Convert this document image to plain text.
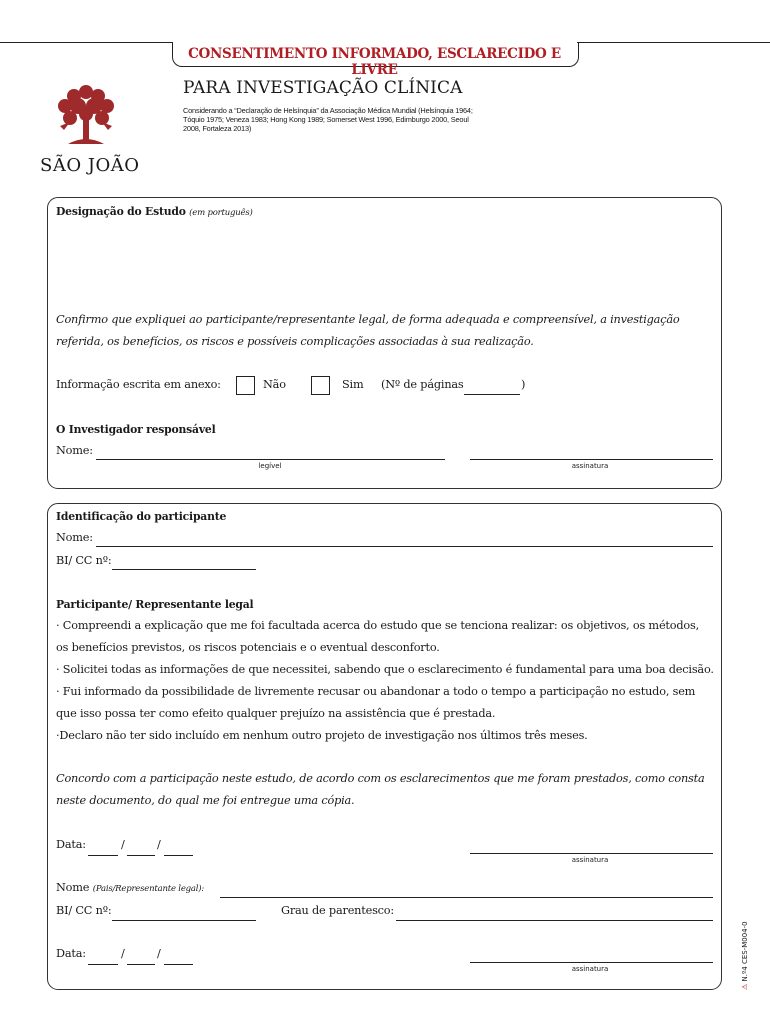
CONSENTIMENTO INFORMADO, ESCLARECIDO E LIVRE
SÃO JOÃO
PARA INVESTIGAÇÃO CLÍNICA
Considerando a “Declaração de Helsínquia” da Associação Médica Mundial (Helsínquia 1964; Tóquio 1975; Veneza 1983; Hong Kong 1989; Somerset West 1996, Edimburgo 2000, Seoul 2008, Fortaleza 2013)
Designação do Estudo (em português)
Confirmo que expliquei ao participante/representante legal, de forma adequada e compreensível, a investigação
referida, os benefícios, os riscos e possíveis complicações associadas à sua realização.
Informação escrita em anexo:	Não	Sim (Nº de páginas	)
O Investigador responsável
Nome:
legível	assinatura
Identificação do participante
Nome:
BI/ CC nº:
Participante/ Representante legal
· Compreendi a explicação que me foi facultada acerca do estudo que se tenciona realizar: os objetivos, os métodos,
os benefícios previstos, os riscos potenciais e o eventual desconforto.
· Solicitei todas as informações de que necessitei, sabendo que o esclarecimento é fundamental para uma boa decisão.
· Fui informado da possibilidade de livremente recusar ou abandonar a todo o tempo a participação no estudo, sem
que isso possa ter como efeito qualquer prejuízo na assistência que é prestada.
·Declaro não ter sido incluído em nenhum outro projeto de investigação nos últimos três meses.
Concordo com a participação neste estudo, de acordo com os esclarecimentos que me foram prestados, como consta
neste documento, do qual me foi entregue uma cópia.
Data:	/	/
assinatura
Nome (Pais/Representante legal):
BI/ CC nº:	Grau de parentesco:
Data:	/	/
assinatura
⚠ N.º4 CES-M004-0
